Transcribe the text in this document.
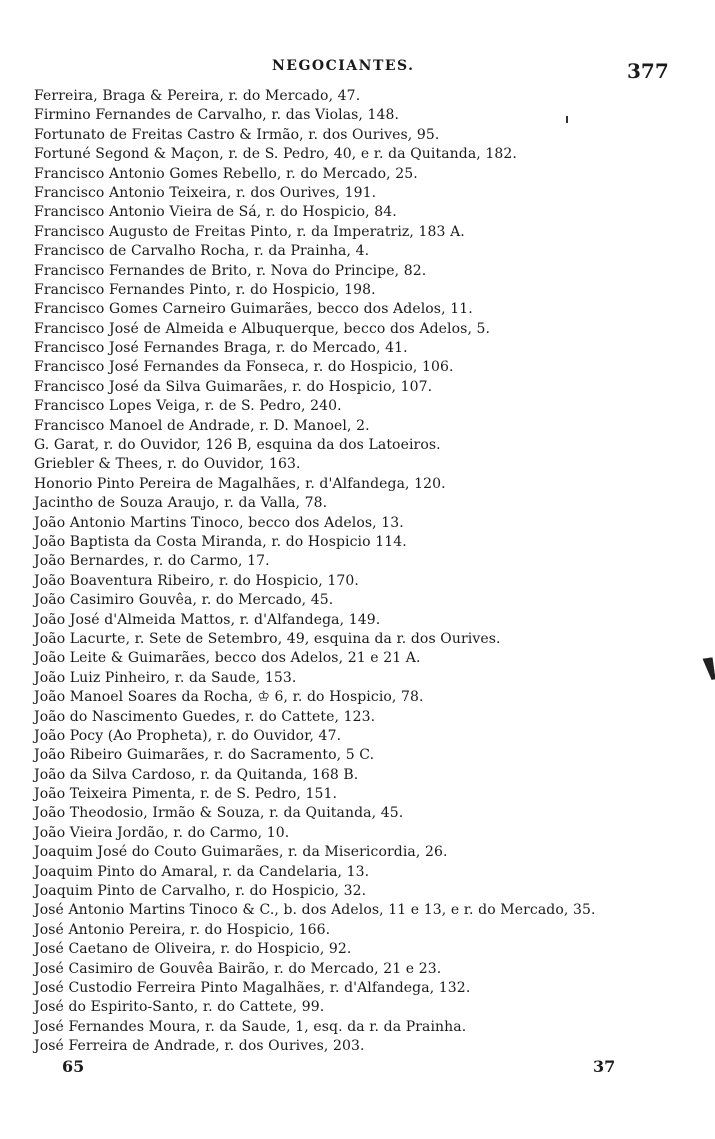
NEGOCIANTES.	377
Ferreira, Braga & Pereira, r. do Mercado, 47.
Firmino Fernandes de Carvalho, r. das Violas, 148.
Fortunato de Freitas Castro & Irmão, r. dos Ourives, 95.
Fortuné Segond & Maçon, r. de S. Pedro, 40, e r. da Quitanda, 182.
Francisco Antonio Gomes Rebello, r. do Mercado, 25.
Francisco Antonio Teixeira, r. dos Ourives, 191.
Francisco Antonio Vieira de Sá, r. do Hospicio, 84.
Francisco Augusto de Freitas Pinto, r. da Imperatriz, 183 A.
Francisco de Carvalho Rocha, r. da Prainha, 4.
Francisco Fernandes de Brito, r. Nova do Principe, 82.
Francisco Fernandes Pinto, r. do Hospicio, 198.
Francisco Gomes Carneiro Guimarães, becco dos Adelos, 11.
Francisco José de Almeida e Albuquerque, becco dos Adelos, 5.
Francisco José Fernandes Braga, r. do Mercado, 41.
Francisco José Fernandes da Fonseca, r. do Hospicio, 106.
Francisco José da Silva Guimarães, r. do Hospicio, 107.
Francisco Lopes Veiga, r. de S. Pedro, 240.
Francisco Manoel de Andrade, r. D. Manoel, 2.
G. Garat, r. do Ouvidor, 126 B, esquina da dos Latoeiros.
Griebler & Thees, r. do Ouvidor, 163.
Honorio Pinto Pereira de Magalhães, r. d'Alfandega, 120.
Jacintho de Souza Araujo, r. da Valla, 78.
João Antonio Martins Tinoco, becco dos Adelos, 13.
João Baptista da Costa Miranda, r. do Hospicio 114.
João Bernardes, r. do Carmo, 17.
João Boaventura Ribeiro, r. do Hospicio, 170.
João Casimiro Gouvêa, r. do Mercado, 45.
João José d'Almeida Mattos, r. d'Alfandega, 149.
João Lacurte, r. Sete de Setembro, 49, esquina da r. dos Ourives.
João Leite & Guimarães, becco dos Adelos, 21 e 21 A.
João Luiz Pinheiro, r. da Saude, 153.
João Manoel Soares da Rocha, ♔ 6, r. do Hospicio, 78.
João do Nascimento Guedes, r. do Cattete, 123.
João Pocy (Ao Propheta), r. do Ouvidor, 47.
João Ribeiro Guimarães, r. do Sacramento, 5 C.
João da Silva Cardoso, r. da Quitanda, 168 B.
João Teixeira Pimenta, r. de S. Pedro, 151.
João Theodosio, Irmão & Souza, r. da Quitanda, 45.
João Vieira Jordão, r. do Carmo, 10.
Joaquim José do Couto Guimarães, r. da Misericordia, 26.
Joaquim Pinto do Amaral, r. da Candelaria, 13.
Joaquim Pinto de Carvalho, r. do Hospicio, 32.
José Antonio Martins Tinoco & C., b. dos Adelos, 11 e 13, e r. do Mercado, 35.
José Antonio Pereira, r. do Hospicio, 166.
José Caetano de Oliveira, r. do Hospicio, 92.
José Casimiro de Gouvêa Bairão, r. do Mercado, 21 e 23.
José Custodio Ferreira Pinto Magalhães, r. d'Alfandega, 132.
José do Espirito-Santo, r. do Cattete, 99.
José Fernandes Moura, r. da Saude, 1, esq. da r. da Prainha.
José Ferreira de Andrade, r. dos Ourives, 203.
65	37
